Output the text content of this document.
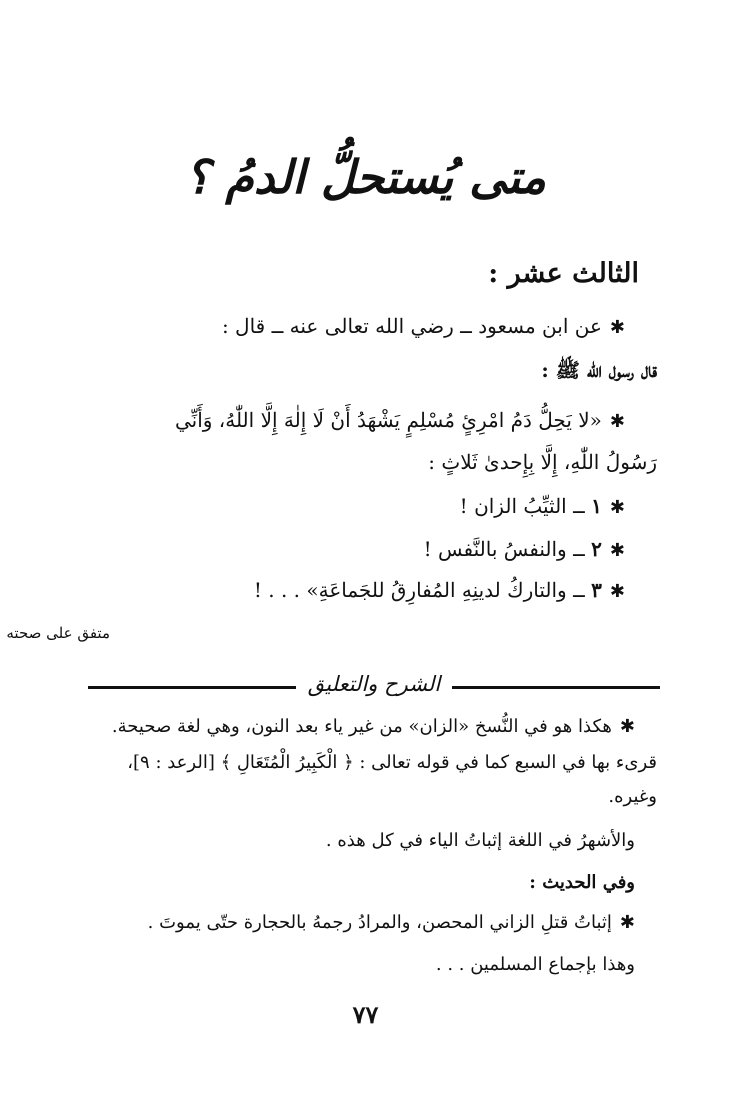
متى يُستحلُّ الدمُ ؟
الثالث عشر :
✱عن ابن مسعود ــ رضي الله تعالى عنه ــ قال :
قال رسول الله ﷺ :
✱«لا يَحِلُّ دَمُ امْرِئٍ مُسْلِمٍ يَشْهَدُ أَنْ لَا إِلٰهَ إِلَّا اللّٰهُ، وَأَنِّي
رَسُولُ اللّٰهِ، إِلَّا بِإِحدىٰ ثَلاثٍ :
✱١ ــ الثيِّبُ الزان !
✱٢ ــ والنفسُ بالنَّفس !
✱٣ ــ والتاركُ لدينِهِ المُفارِقُ للجَماعَةِ» . . . !
متفق على صحته
الشرح والتعليق
✱هكذا هو في النُّسخ «الزان» من غير ياء بعد النون، وهي لغة صحيحة.
قرىء بها في السبع كما في قوله تعالى : ﴿ الْكَبِيرُ الْمُتَعَالِ ﴾ [الرعد : ٩]،
وغيره.
والأشهرُ في اللغة إثباتُ الياء في كل هذه .
وفي الحديث :
✱إثباتُ قتلِ الزاني المحصن، والمرادُ رجمهُ بالحجارة حتّى يموتَ .
وهذا بإجماع المسلمين . . .
٧٧
